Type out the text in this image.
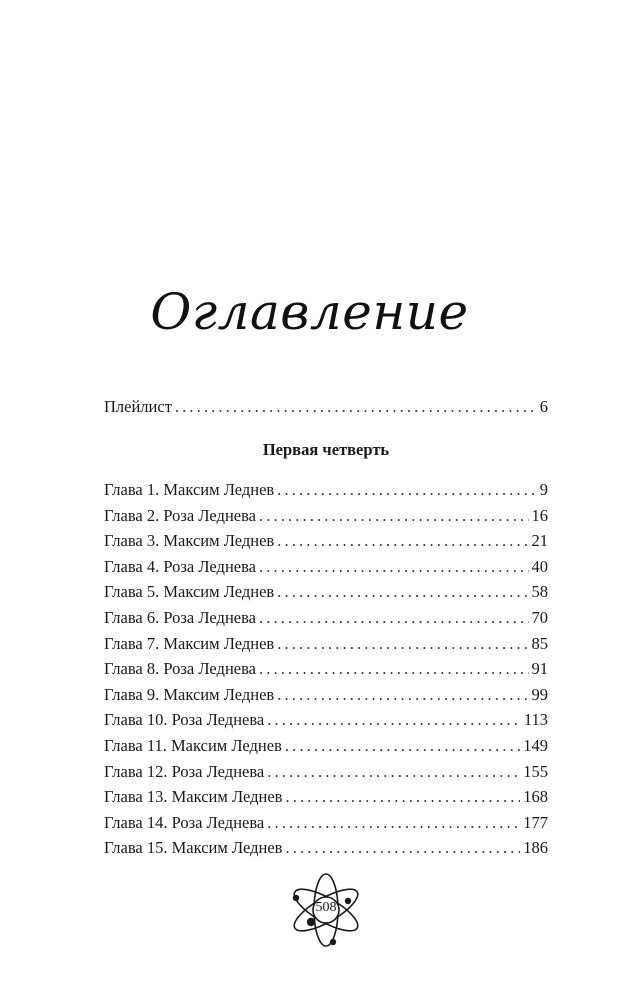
Оглавление
Плейлист . . .	6
Первая четверть
Глава 1. Максим Леднев . . .	9
Глава 2. Роза Леднева . . .	16
Глава 3. Максим Леднев . . .	21
Глава 4. Роза Леднева . . .	40
Глава 5. Максим Леднев . . .	58
Глава 6. Роза Леднева . . .	70
Глава 7. Максим Леднев . . .	85
Глава 8. Роза Леднева . . .	91
Глава 9. Максим Леднев . . .	99
Глава 10. Роза Леднева . . .	113
Глава 11. Максим Леднев . . .	149
Глава 12. Роза Леднева . . .	155
Глава 13. Максим Леднев . . .	168
Глава 14. Роза Леднева . . .	177
Глава 15. Максим Леднев . . .	186
508
